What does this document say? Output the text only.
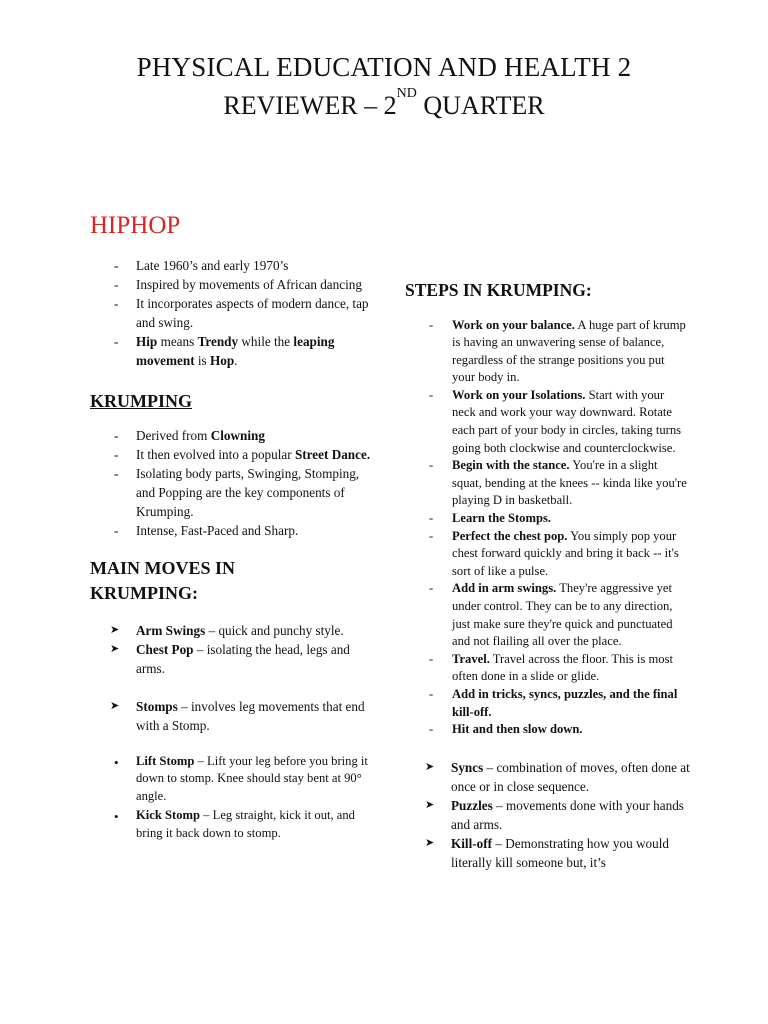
PHYSICAL EDUCATION AND HEALTH 2
REVIEWER – 2ND QUARTER
HIPHOP
- Late 1960’s and early 1970’s
- Inspired by movements of African dancing
- It incorporates aspects of modern dance, tap and swing.
- Hip means Trendy while the leaping movement is Hop.
KRUMPING
- Derived from Clowning
- It then evolved into a popular Street Dance.
- Isolating body parts, Swinging, Stomping, and Popping are the key components of Krumping.
- Intense, Fast-Paced and Sharp.
MAIN MOVES IN KRUMPING:
➤ Arm Swings – quick and punchy style.
➤ Chest Pop – isolating the head, legs and arms.
➤ Stomps – involves leg movements that end with a Stomp.
• Lift Stomp – Lift your leg before you bring it down to stomp. Knee should stay bent at 90° angle.
• Kick Stomp – Leg straight, kick it out, and bring it back down to stomp.
STEPS IN KRUMPING:
- Work on your balance. A huge part of krump is having an unwavering sense of balance, regardless of the strange positions you put your body in.
- Work on your Isolations. Start with your neck and work your way downward. Rotate each part of your body in circles, taking turns going both clockwise and counterclockwise.
- Begin with the stance. You're in a slight squat, bending at the knees -- kinda like you're playing D in basketball.
- Learn the Stomps.
- Perfect the chest pop. You simply pop your chest forward quickly and bring it back -- it's sort of like a pulse.
- Add in arm swings. They're aggressive yet under control. They can be to any direction, just make sure they're quick and punctuated and not flailing all over the place.
- Travel. Travel across the floor. This is most often done in a slide or glide.
- Add in tricks, syncs, puzzles, and the final kill-off.
- Hit and then slow down.
➤ Syncs – combination of moves, often done at once or in close sequence.
➤ Puzzles – movements done with your hands and arms.
➤ Kill-off – Demonstrating how you would literally kill someone but, it’s
